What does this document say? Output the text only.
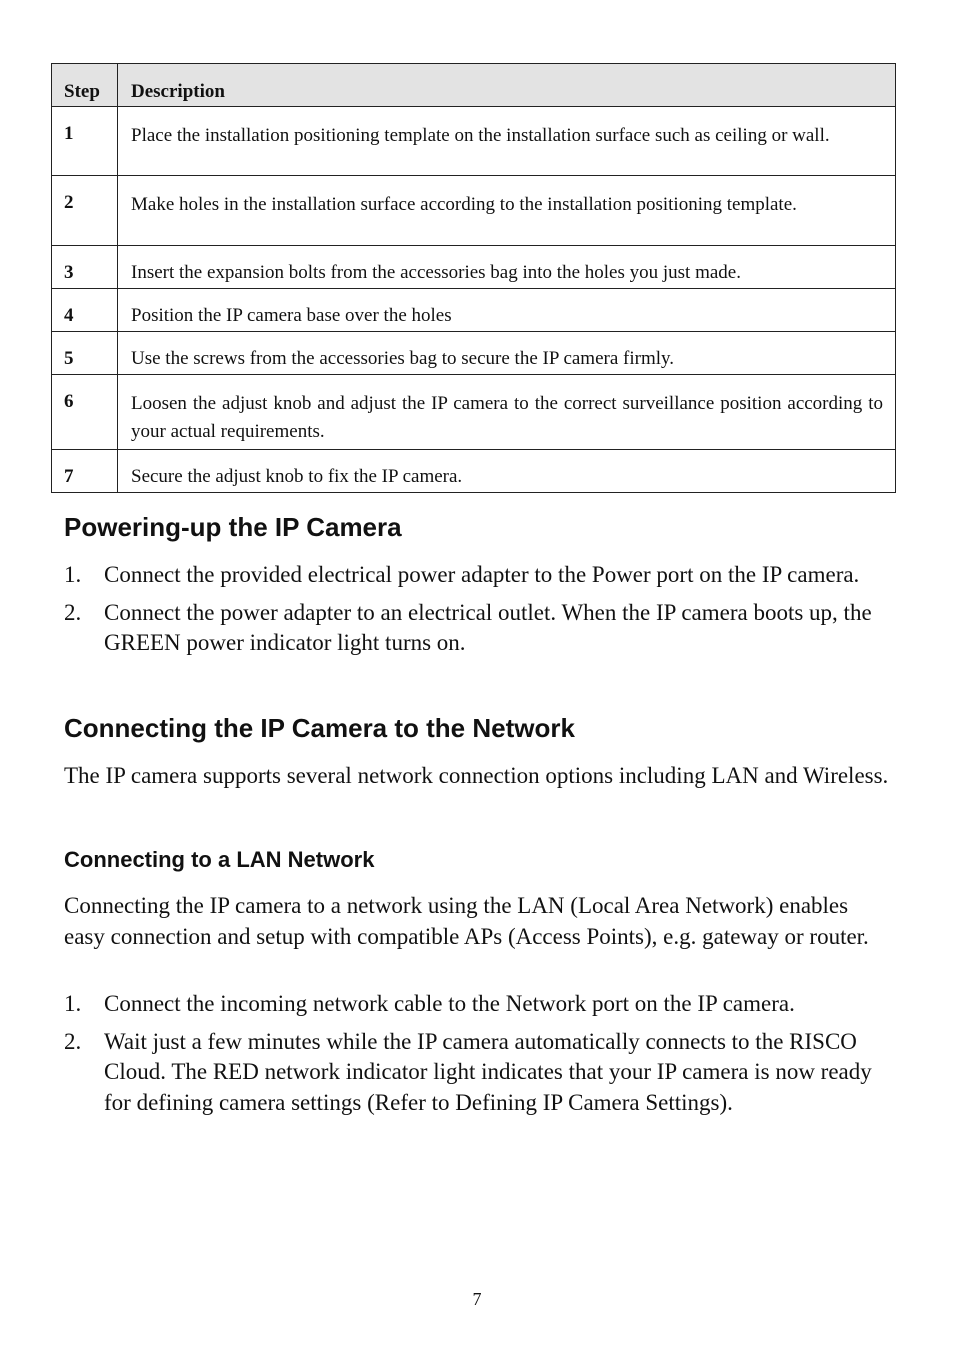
Step	Description
1	Place the installation positioning template on the installation surface such as ceiling or wall.
2	Make holes in the installation surface according to the installation positioning template.
3	Insert the expansion bolts from the accessories bag into the holes you just made.
4	Position the IP camera base over the holes
5	Use the screws from the accessories bag to secure the IP camera firmly.
6	Loosen the adjust knob and adjust the IP camera to the correct surveillance position according to your actual requirements.
7	Secure the adjust knob to fix the IP camera.
Powering-up the IP Camera
1. Connect the provided electrical power adapter to the Power port on the IP camera.
2. Connect the power adapter to an electrical outlet. When the IP camera boots up, the GREEN power indicator light turns on.
Connecting the IP Camera to the Network

The IP camera supports several network connection options including LAN and Wireless.

Connecting to a LAN Network

Connecting the IP camera to a network using the LAN (Local Area Network) enables easy connection and setup with compatible APs (Access Points), e.g. gateway or router.

1. Connect the incoming network cable to the Network port on the IP camera.
2. Wait just a few minutes while the IP camera automatically connects to the RISCO Cloud. The RED network indicator light indicates that your IP camera is now ready for defining camera settings (Refer to Defining IP Camera Settings).
7
